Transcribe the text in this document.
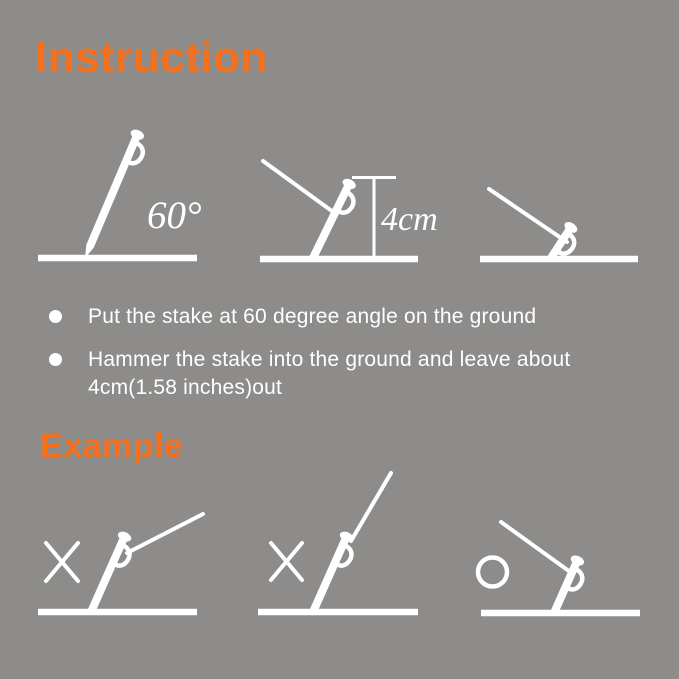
Instruction
60°	4cm
Put the stake at 60 degree angle on the ground
Hammer the stake into the ground and leave about
4cm(1.58 inches)out
Example
